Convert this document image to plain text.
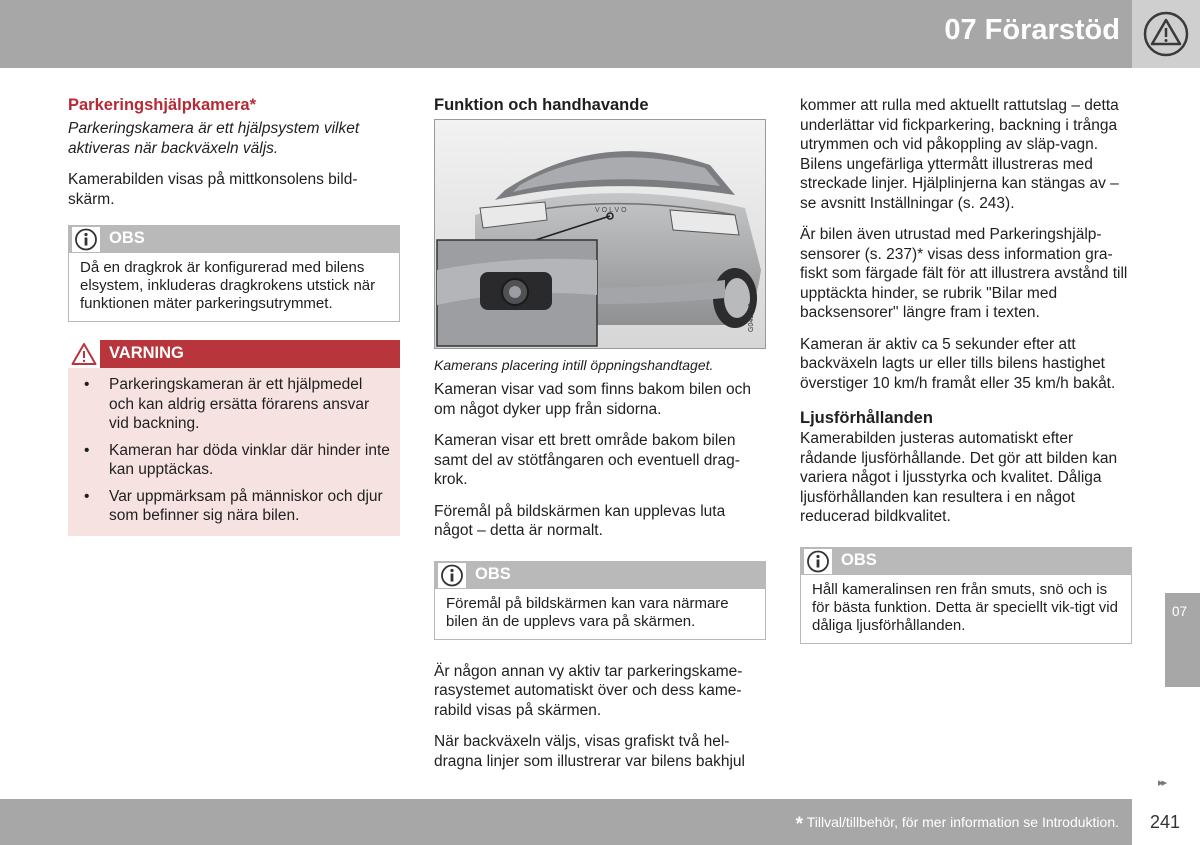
07 Förarstöd
Parkeringshjälpkamera*

Parkeringskamera är ett hjälpsystem vilket aktiveras när backväxeln väljs.

Kamerabilden visas på mittkonsolens bild-skärm.

OBS
Då en dragkrok är konfigurerad med bilens elsystem, inkluderas dragkrokens utstick när funktionen mäter parkeringsutrymmet.
VARNING
• Parkeringskameran är ett hjälpmedel och kan aldrig ersätta förarens ansvar vid backning.
• Kameran har döda vinklar där hinder inte kan upptäckas.
• Var uppmärksam på människor och djur som befinner sig nära bilen.
Funktion och handhavande
VOLVO
G043900
Kamerans placering intill öppningshandtaget.

Kameran visar vad som finns bakom bilen och om något dyker upp från sidorna.

Kameran visar ett brett område bakom bilen samt del av stötfångaren och eventuell drag-krok.

Föremål på bildskärmen kan upplevas luta något – detta är normalt.

OBS
Föremål på bildskärmen kan vara närmare bilen än de upplevs vara på skärmen.

Är någon annan vy aktiv tar parkeringskame-rasystemet automatiskt över och dess kame-rabild visas på skärmen.

När backväxeln väljs, visas grafiskt två hel-dragna linjer som illustrerar var bilens bakhjul

kommer att rulla med aktuellt rattutslag – detta underlättar vid fickparkering, backning i trånga utrymmen och vid påkoppling av släp-vagn. Bilens ungefärliga yttermått illustreras med streckade linjer. Hjälplinjerna kan stängas av – se avsnitt Inställningar (s. 243).

Är bilen även utrustad med Parkeringshjälp-sensorer (s. 237)* visas dess information gra-fiskt som färgade fält för att illustrera avstånd till upptäckta hinder, se rubrik "Bilar med backsensorer" längre fram i texten.

Kameran är aktiv ca 5 sekunder efter att backväxeln lagts ur eller tills bilens hastighet överstiger 10 km/h framåt eller 35 km/h bakåt.

Ljusförhållanden

Kamerabilden justeras automatiskt efter rådande ljusförhållande. Det gör att bilden kan variera något i ljusstyrka och kvalitet. Dåliga ljusförhållanden kan resultera i en något reducerad bildkvalitet.

OBS
Håll kameralinsen ren från smuts, snö och is för bästa funktion. Detta är speciellt vik-tigt vid dåliga ljusförhållanden.
07
▸▸
* Tillval/tillbehör, för mer information se Introduktion. 241
